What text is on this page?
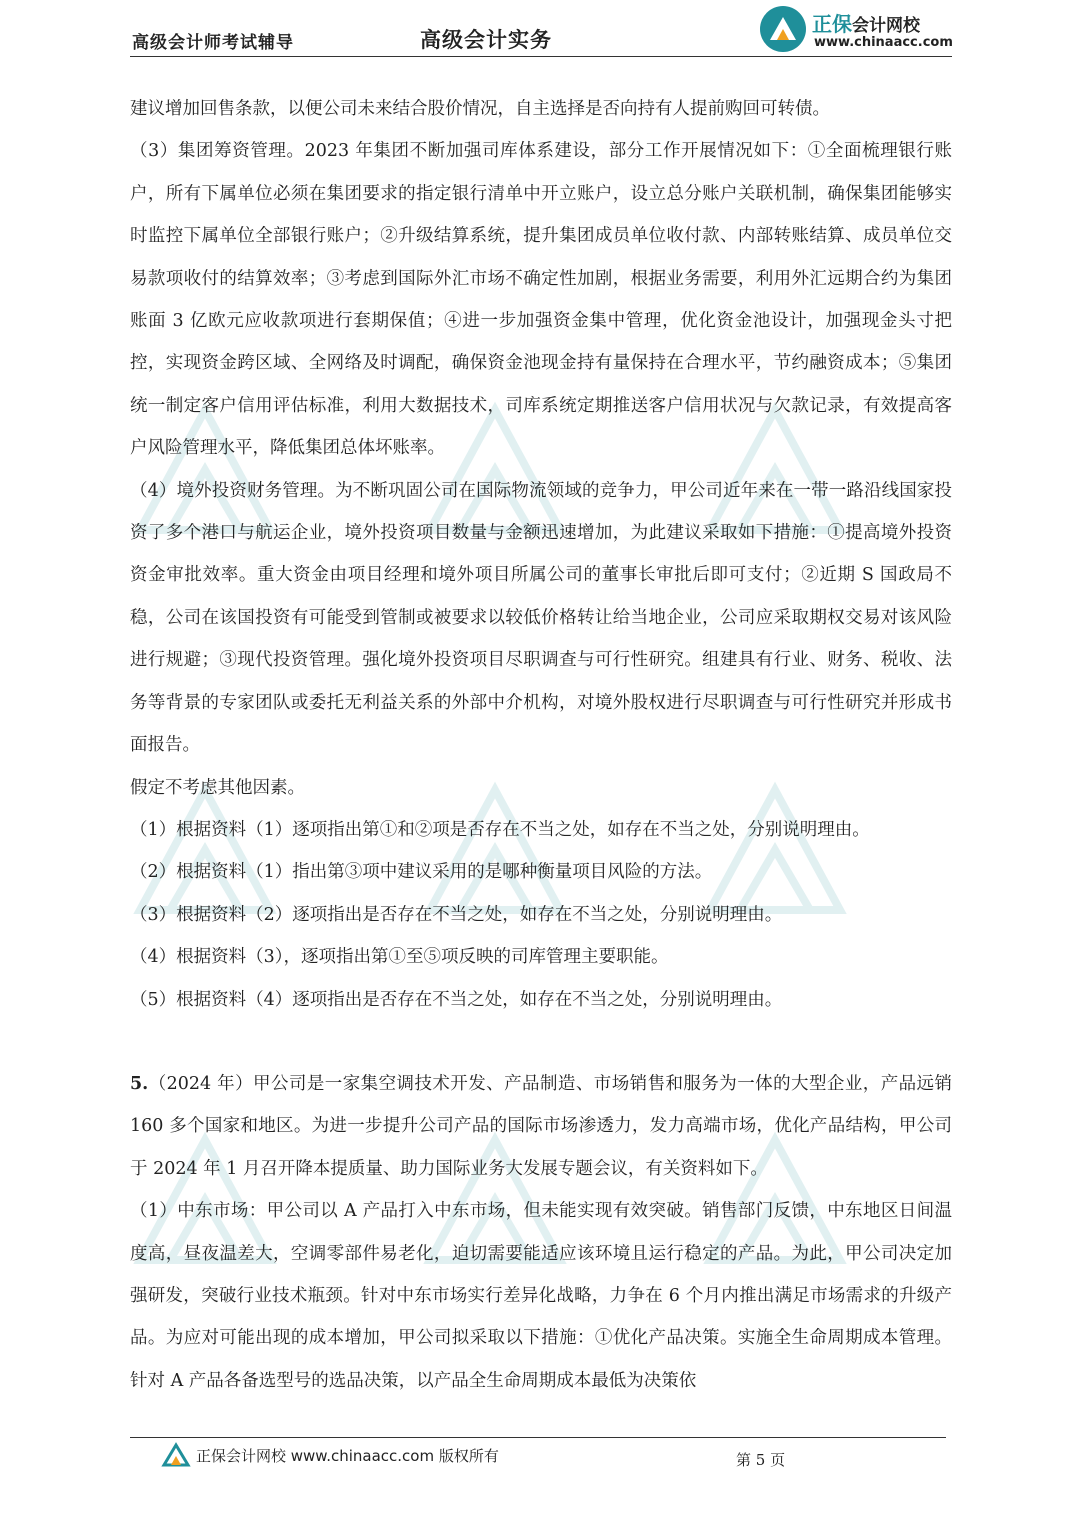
高级会计师考试辅导	高级会计实务
正保会计网校
www.chinaacc.com

建议增加回售条款，以便公司未来结合股价情况，自主选择是否向持有人提前购回可转债。

（3）集团筹资管理。2023 年集团不断加强司库体系建设，部分工作开展情况如下：①全面梳理银行账户，所有下属单位必须在集团要求的指定银行清单中开立账户，设立总分账户关联机制，确保集团能够实时监控下属单位全部银行账户；②升级结算系统，提升集团成员单位收付款、内部转账结算、成员单位交易款项收付的结算效率；③考虑到国际外汇市场不确定性加剧，根据业务需要，利用外汇远期合约为集团账面 3 亿欧元应收款项进行套期保值；④进一步加强资金集中管理，优化资金池设计，加强现金头寸把控，实现资金跨区域、全网络及时调配，确保资金池现金持有量保持在合理水平，节约融资成本；⑤集团统一制定客户信用评估标准，利用大数据技术，司库系统定期推送客户信用状况与欠款记录，有效提高客户风险管理水平，降低集团总体坏账率。

（4）境外投资财务管理。为不断巩固公司在国际物流领域的竞争力，甲公司近年来在一带一路沿线国家投资了多个港口与航运企业，境外投资项目数量与金额迅速增加，为此建议采取如下措施：①提高境外投资资金审批效率。重大资金由项目经理和境外项目所属公司的董事长审批后即可支付；②近期 S 国政局不稳，公司在该国投资有可能受到管制或被要求以较低价格转让给当地企业，公司应采取期权交易对该风险进行规避；③现代投资管理。强化境外投资项目尽职调查与可行性研究。组建具有行业、财务、税收、法务等背景的专家团队或委托无利益关系的外部中介机构，对境外股权进行尽职调查与可行性研究并形成书面报告。

假定不考虑其他因素。

（1）根据资料（1）逐项指出第①和②项是否存在不当之处，如存在不当之处，分别说明理由。

（2）根据资料（1）指出第③项中建议采用的是哪种衡量项目风险的方法。

（3）根据资料（2）逐项指出是否存在不当之处，如存在不当之处，分别说明理由。

（4）根据资料（3），逐项指出第①至⑤项反映的司库管理主要职能。

（5）根据资料（4）逐项指出是否存在不当之处，如存在不当之处，分别说明理由。

5.（2024 年）甲公司是一家集空调技术开发、产品制造、市场销售和服务为一体的大型企业，产品远销 160 多个国家和地区。为进一步提升公司产品的国际市场渗透力，发力高端市场，优化产品结构，甲公司于 2024 年 1 月召开降本提质量、助力国际业务大发展专题会议，有关资料如下。

（1）中东市场：甲公司以 A 产品打入中东市场，但未能实现有效突破。销售部门反馈，中东地区日间温度高，昼夜温差大，空调零部件易老化，迫切需要能适应该环境且运行稳定的产品。为此，甲公司决定加强研发，突破行业技术瓶颈。针对中东市场实行差异化战略，力争在 6 个月内推出满足市场需求的升级产品。为应对可能出现的成本增加，甲公司拟采取以下措施：①优化产品决策。实施全生命周期成本管理。针对 A 产品各备选型号的选品决策，以产品全生命周期成本最低为决策依

正保会计网校 www.chinaacc.com 版权所有	第 5 页
